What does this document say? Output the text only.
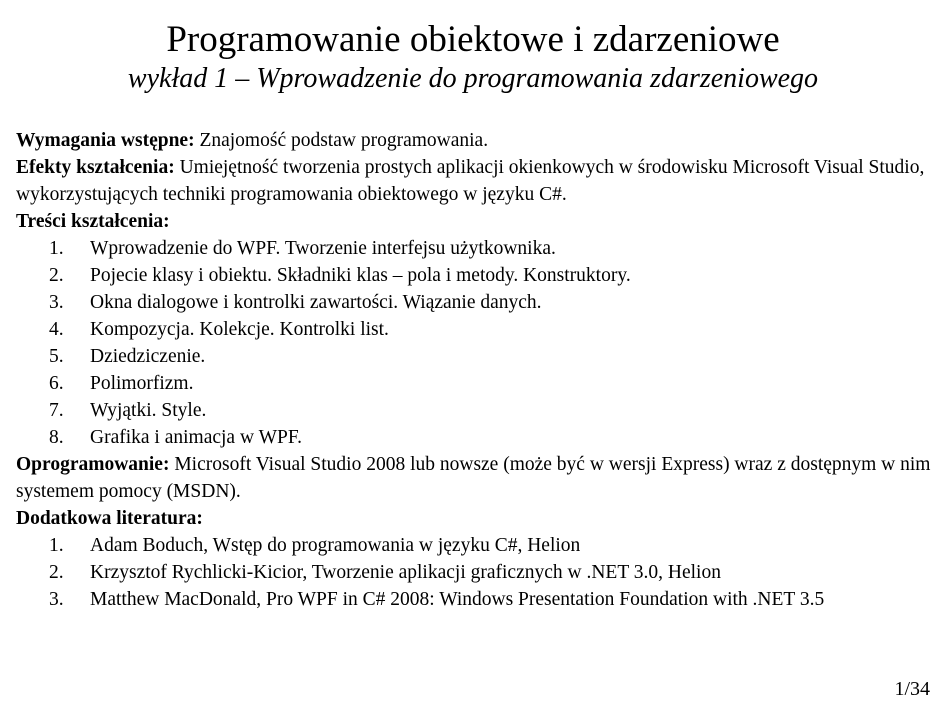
Programowanie obiektowe i zdarzeniowe

wykład 1 – Wprowadzenie do programowania zdarzeniowego

Wymagania wstępne: Znajomość podstaw programowania.

Efekty kształcenia: Umiejętność tworzenia prostych aplikacji okienkowych w środowisku Microsoft Visual Studio, wykorzystujących techniki programowania obiektowego w języku C#.

Treści kształcenia:

1.	Wprowadzenie do WPF. Tworzenie interfejsu użytkownika.
2.	Pojecie klasy i obiektu. Składniki klas – pola i metody. Konstruktory.
3.	Okna dialogowe i kontrolki zawartości. Wiązanie danych.
4.	Kompozycja. Kolekcje. Kontrolki list.
5.	Dziedziczenie.
6.	Polimorfizm.
7.	Wyjątki. Style.
8.	Grafika i animacja w WPF.

Oprogramowanie: Microsoft Visual Studio 2008 lub nowsze (może być w wersji Express) wraz z dostępnym w nim systemem pomocy (MSDN).

Dodatkowa literatura:

1.	Adam Boduch, Wstęp do programowania w języku C#, Helion
2.	Krzysztof Rychlicki-Kicior, Tworzenie aplikacji graficznych w .NET 3.0, Helion
3.	Matthew MacDonald, Pro WPF in C# 2008: Windows Presentation Foundation with .NET 3.5
1/34
